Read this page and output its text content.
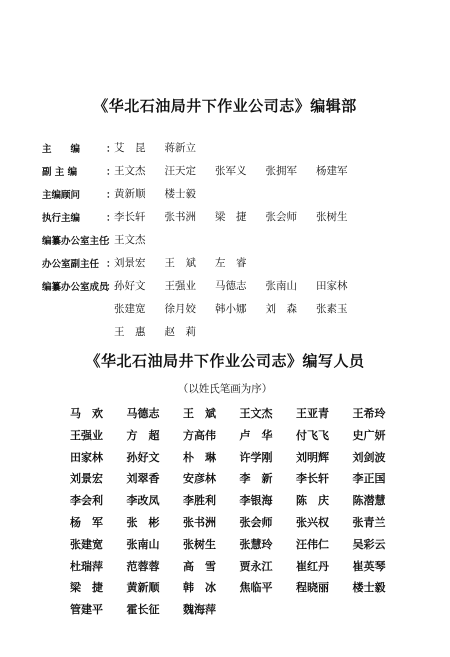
《华北石油局井下作业公司志》编辑部
主　　编	：
艾　昆 蒋新立
副 主 编	：
王文杰 汪天定 张军义 张拥军 杨建军
主编顾问	：
黄新顺 楼士毅
执行主编	：
李长轩 张书洲 梁　捷 张会师 张树生
编纂办公室主任
：
王文杰
办公室副主任 ：
刘景宏 王　斌 左　睿
编纂办公室成员
：
孙好文 王强业 马德志 张南山 田家林
张建宽 徐月姣 韩小娜 刘　森 张素玉
王　惠 赵　莉
《华北石油局井下作业公司志》编写人员
（以姓氏笔画为序）
马　欢 马德志 王　斌 王文杰 王亚青 王希玲
王强业 方　超 方高伟 卢　华 付飞飞 史广妍
田家林 孙好文 朴　琳 许学刚 刘明辉 刘剑波
刘景宏 刘翠香 安彦林 李　新 李长轩 李正国
李会利 李改凤 李胜利 李银海 陈　庆 陈潜慧
杨　军 张　彬 张书洲 张会师 张兴权 张青兰
张建宽 张南山 张树生 张慧玲 汪伟仁 吴彩云
杜瑞萍 范蓉蓉 高　雪 贾永江 崔红丹 崔英琴
梁　捷 黄新顺 韩　冰 焦临平 程晓丽 楼士毅
管建平 霍长征 魏海萍
